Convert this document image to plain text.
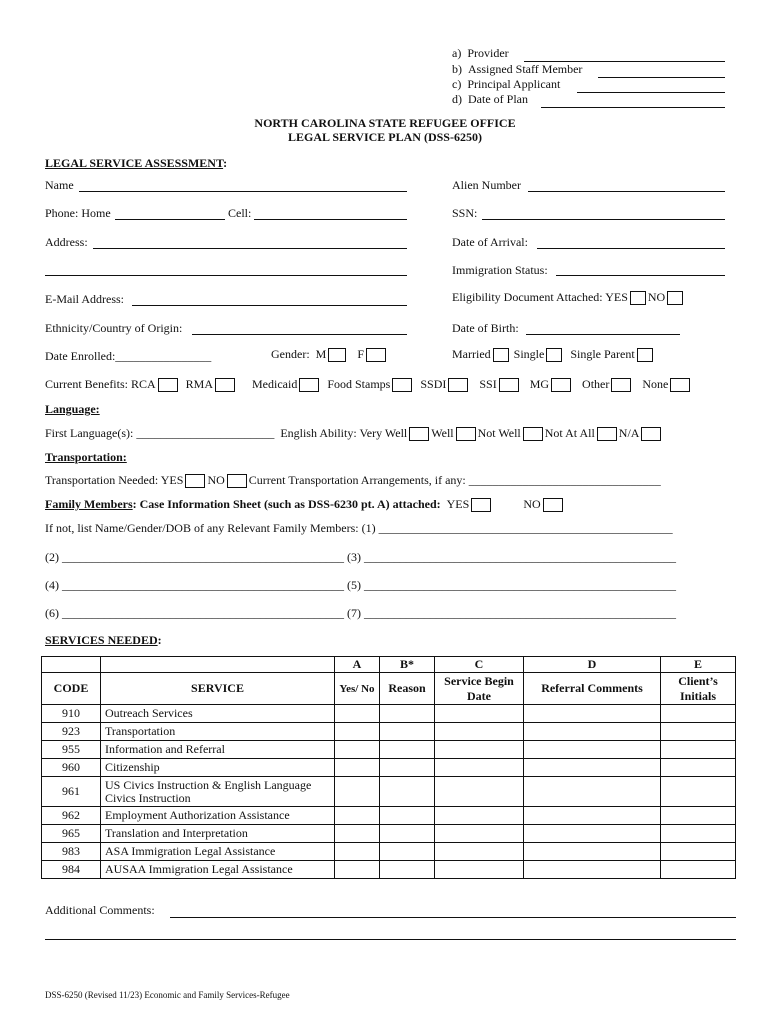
a) Provider
b) Assigned Staff Member
c) Principal Applicant
d) Date of Plan
NORTH CAROLINA STATE REFUGEE OFFICE
LEGAL SERVICE PLAN (DSS-6250)
LEGAL SERVICE ASSESSMENT:
Name	Alien Number
Phone: Home	Cell:	SSN:
Address:	Date of Arrival:
Immigration Status:
E-Mail Address:	Eligibility Document Attached: YES NO
Ethnicity/Country of Origin:	Date of Birth:
Date Enrolled:________________	Gender: M	F	Married Single Single Parent
Current Benefits: RCA	RMA	Medicaid	Food Stamps	SSDI	SSI	MG	Other	None
Language:
First Language(s): _______________________ English Ability: Very Well Well Not Well Not At All N/A
Transportation:
Transportation Needed: YES NO Current Transportation Arrangements, if any: ________________________________
Family Members: Case Information Sheet (such as DSS-6230 pt. A) attached: YES	NO
If not, list Name/Gender/DOB of any Relevant Family Members: (1) _________________________________________________
(2) _______________________________________________ (3) ____________________________________________________
(4) _______________________________________________ (5) ____________________________________________________
(6) _______________________________________________ (7) ____________________________________________________
SERVICES NEEDED:
		A	B*	C	D	E
CODE	SERVICE	Yes/ No	Reason	Service Begin Date	Referral Comments	Client’s Initials
910	Outreach Services					
923	Transportation					
955	Information and Referral					
960	Citizenship					
961	US Civics Instruction & English Language Civics Instruction					
962	Employment Authorization Assistance					
965	Translation and Interpretation					
983	ASA Immigration Legal Assistance					
984	AUSAA Immigration Legal Assistance					
Additional Comments:
DSS-6250 (Revised 11/23) Economic and Family Services-Refugee
